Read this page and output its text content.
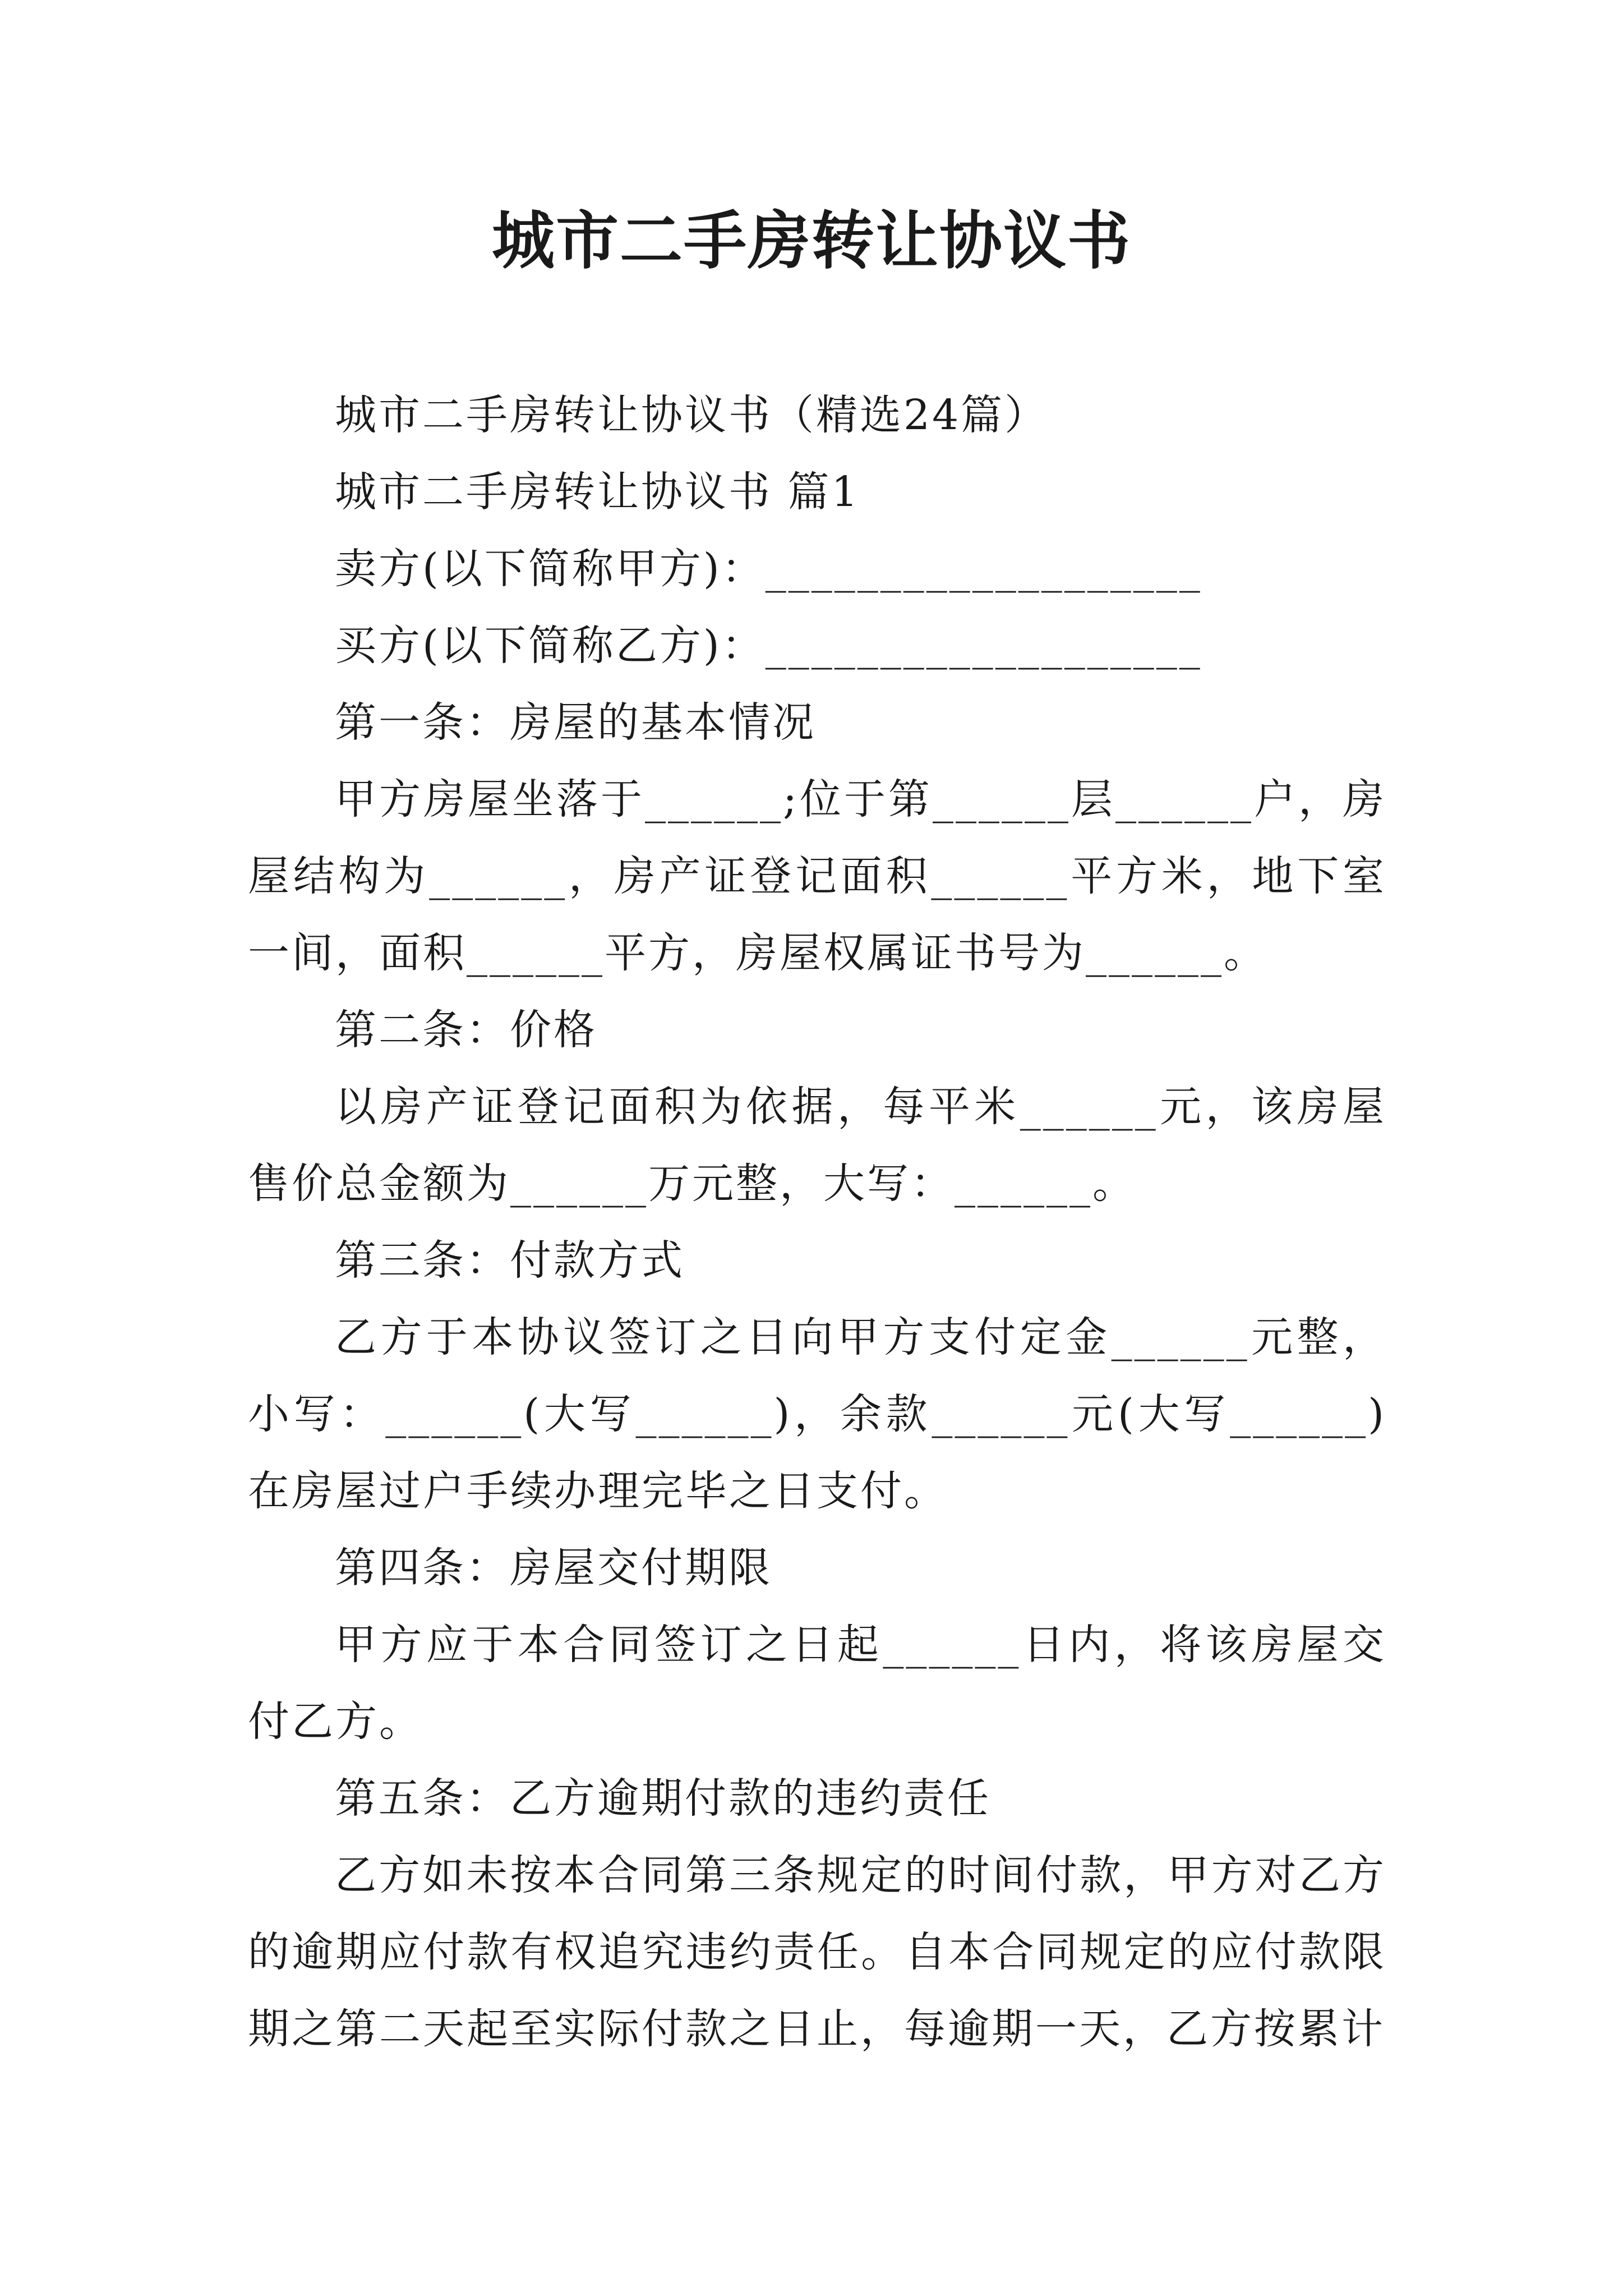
城市二手房转让协议书

城市二手房转让协议书（精选24篇）

城市二手房转让协议书 篇1

卖方(以下简称甲方)：___________________

买方(以下简称乙方)：___________________

第一条：房屋的基本情况

甲方房屋坐落于______;位于第______层______户，房屋结构为______，房产证登记面积______平方米，地下室一间，面积______平方，房屋权属证书号为______。

第二条：价格

以房产证登记面积为依据，每平米______元，该房屋售价总金额为______万元整，大写：______。

第三条：付款方式

乙方于本协议签订之日向甲方支付定金______元整，小写：______(大写______)，余款______元(大写______)在房屋过户手续办理完毕之日支付。

第四条：房屋交付期限

甲方应于本合同签订之日起______日内，将该房屋交付乙方。

第五条：乙方逾期付款的违约责任

乙方如未按本合同第三条规定的时间付款，甲方对乙方的逾期应付款有权追究违约责任。自本合同规定的应付款限期之第二天起至实际付款之日止，每逾期一天，乙方按累计
